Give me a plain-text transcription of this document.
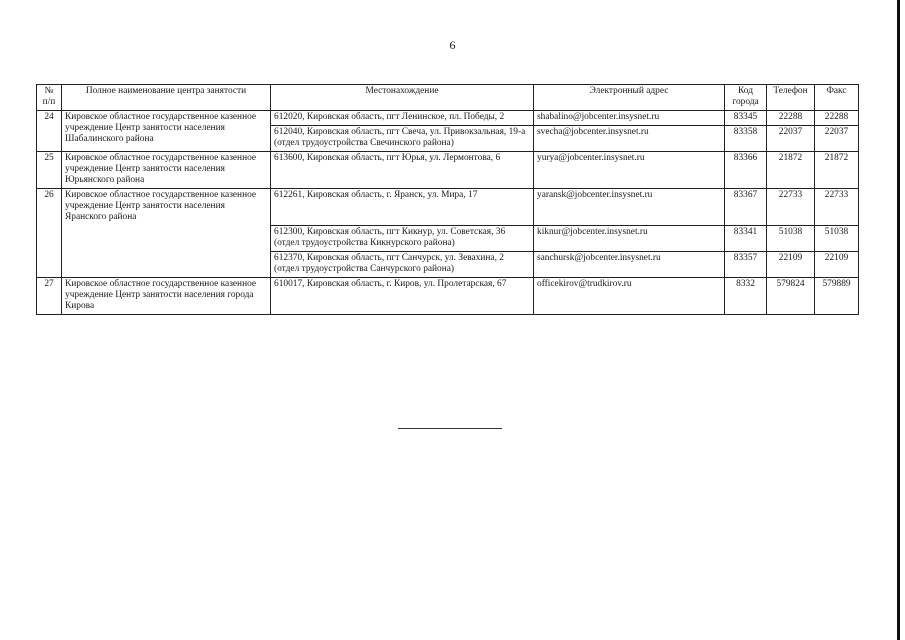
6
№ п/п	Полное наименование центра занятости	Местонахождение	Электронный адрес	Код города	Телефон	Факс
24	Кировское областное государственное казенное учреждение Центр занятости населения Шабалинского района	612020, Кировская область, пгт Ленинское, пл. Победы, 2	shabalino@jobcenter.insysnet.ru	83345	22288	22288
		612040, Кировская область, пгт Свеча, ул. Привокзальная, 19-а (отдел трудоустройства Свечинского района)	svecha@jobcenter.insysnet.ru	83358	22037	22037
25	Кировское областное государственное казенное учреждение Центр занятости населения Юрьянского района	613600, Кировская область, пгт Юрья, ул. Лермонтова, 6	yurya@jobcenter.insysnet.ru	83366	21872	21872
26	Кировское областное государственное казенное учреждение Центр занятости населения Яранского района	612261, Кировская область, г. Яранск, ул. Мира, 17	yaransk@jobcenter.insysnet.ru	83367	22733	22733
		612300, Кировская область, пгт Кикнур, ул. Советская, 36 (отдел трудоустройства Кикнурского района)	kiknur@jobcenter.insysnet.ru	83341	51038	51038
		612370, Кировская область, пгт Санчурск, ул. Зевахина, 2 (отдел трудоустройства Санчурского района)	sanchursk@jobcenter.insysnet.ru	83357	22109	22109
27	Кировское областное государственное казенное учреждение Центр занятости населения города Кирова	610017, Кировская область, г. Киров, ул. Пролетарская, 67	officekirov@trudkirov.ru	8332	579824	579889
